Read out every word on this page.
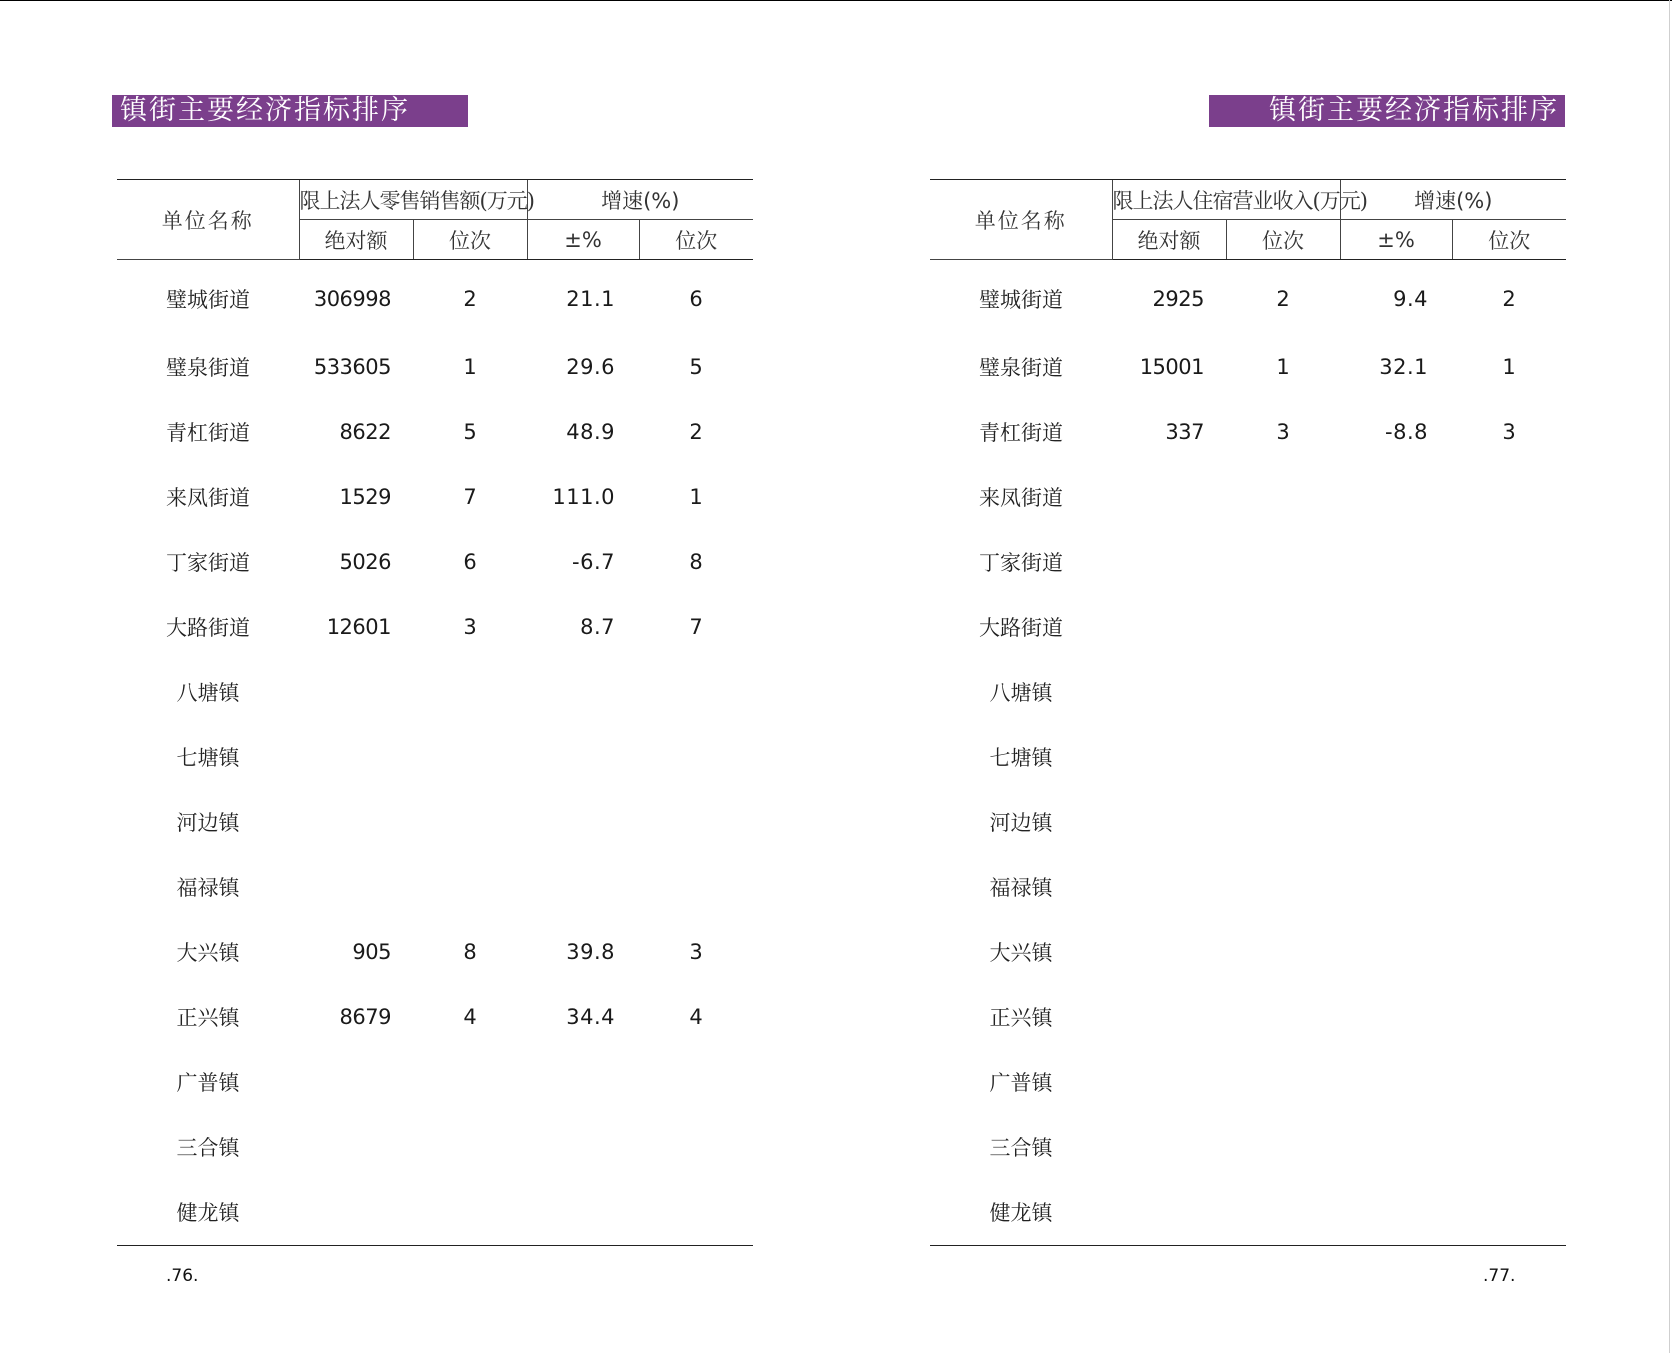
镇街主要经济指标排序
单位名称	限上法人零售销售额(万元)		增速(%)	
	绝对额	位次	±%	位次
璧城街道	306998	2	21.1	6
璧泉街道	533605	1	29.6	5
青杠街道	8622	5	48.9	2
来凤街道	1529	7	111.0	1
丁家街道	5026	6	-6.7	8
大路街道	12601	3	8.7	7
八塘镇				
七塘镇				
河边镇				
福禄镇				
大兴镇	905	8	39.8	3
正兴镇	8679	4	34.4	4
广普镇				
三合镇				
健龙镇				
.76.
镇街主要经济指标排序
单位名称	限上法人住宿营业收入(万元)		增速(%)	
	绝对额	位次	±%	位次
璧城街道	2925	2	9.4	2
璧泉街道	15001	1	32.1	1
青杠街道	337	3	-8.8	3
来凤街道				
丁家街道				
大路街道				
八塘镇				
七塘镇				
河边镇				
福禄镇				
大兴镇				
正兴镇				
广普镇				
三合镇				
健龙镇				
.77.
